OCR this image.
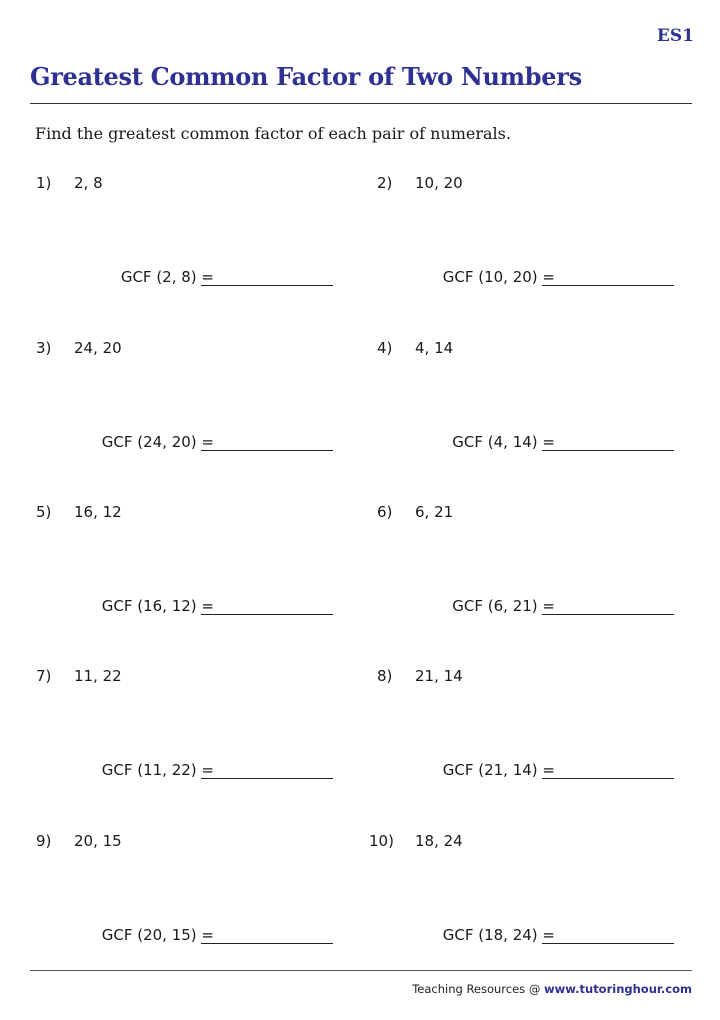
ES1
Greatest Common Factor of Two Numbers
Find the greatest common factor of each pair of numerals.
1) 2, 8
GCF (2, 8) =
2) 10, 20
GCF (10, 20) =
3) 24, 20
GCF (24, 20) =
4) 4, 14
GCF (4, 14) =
5) 16, 12
GCF (16, 12) =
6) 6, 21
GCF (6, 21) =
7) 11, 22
GCF (11, 22) =
8) 21, 14
GCF (21, 14) =
9) 20, 15
GCF (20, 15) =
10) 18, 24
GCF (18, 24) =
Teaching Resources @ www.tutoringhour.com
